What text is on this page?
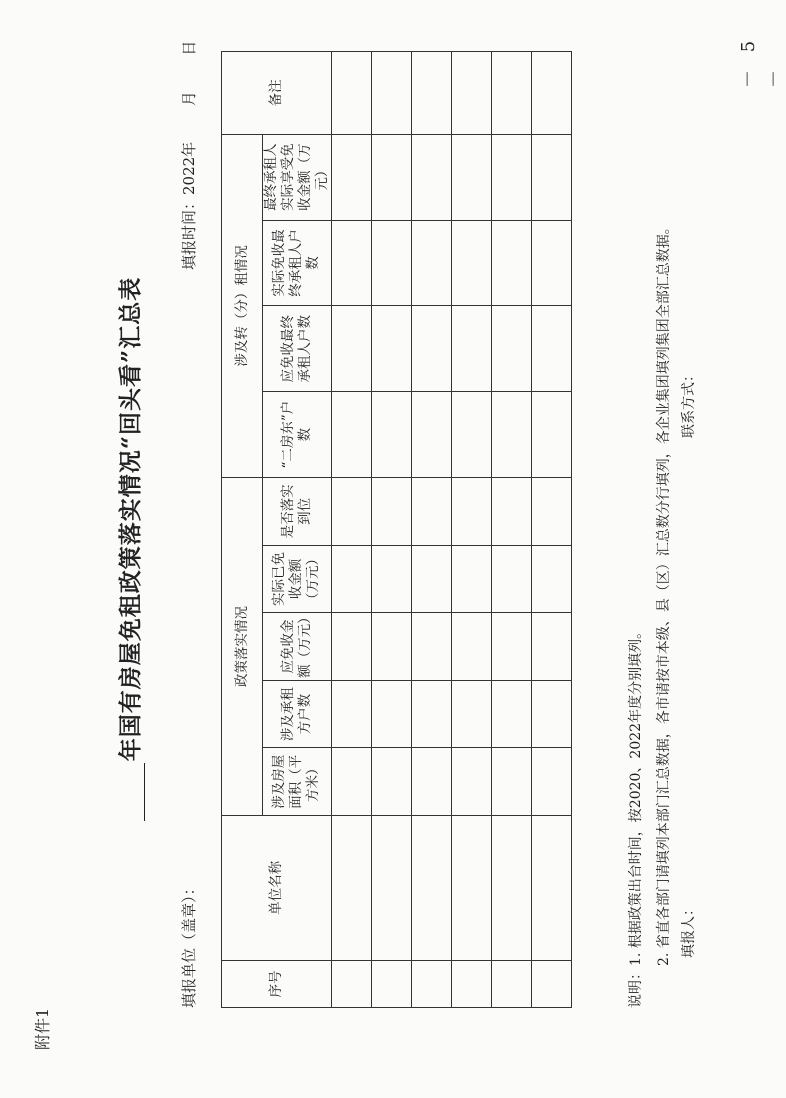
附件1
年国有房屋免租政策落实情况“回头看”汇总表
填报单位（盖章）：
填报时间：2022年  月  日
序号	单位名称	政策落实情况					涉及转（分）租情况				备注
		涉及房屋面积（平方米）	涉及承租方户数	应免收金额（万元）	实际已免收金额（万元）	是否落实到位	“二房东”户数	应免收最终承租人户数	实际免收最终承租人户数	最终承租人实际享受免收金额（万元）	

说明：1. 根据政策出台时间，按2020、2022年度分别填列。 2. 省直各部门请填列本部门汇总数据，各市请按市本级、县（区）汇总数分行填列，各企业集团填列集团全部汇总数据。 填报人：
联系方式：
－ 5 －
